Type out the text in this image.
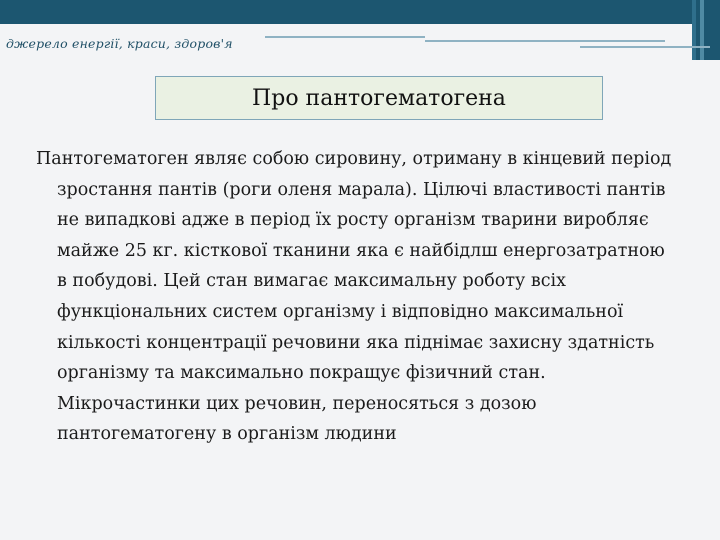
джерело енергії, краси, здоров'я
Про пантогематогена
Пантогематоген являє собою сировину, отриману в кінцевий період
зростання пантів (роги оленя марала). Цілючі властивості пантів
не випадкові адже в період їх росту організм тварини виробляє
майже 25 кг. кісткової тканини яка є найбідлш енергозатратною
в побудові. Цей стан вимагає максимальну роботу всіх
функціональних систем організму і відповідно максимальної
кількості концентрації речовини яка піднімає захисну здатність
організму та максимально покращує фізичний стан.
Мікрочастинки цих речовин, переносяться з дозою
пантогематогену в організм людини
